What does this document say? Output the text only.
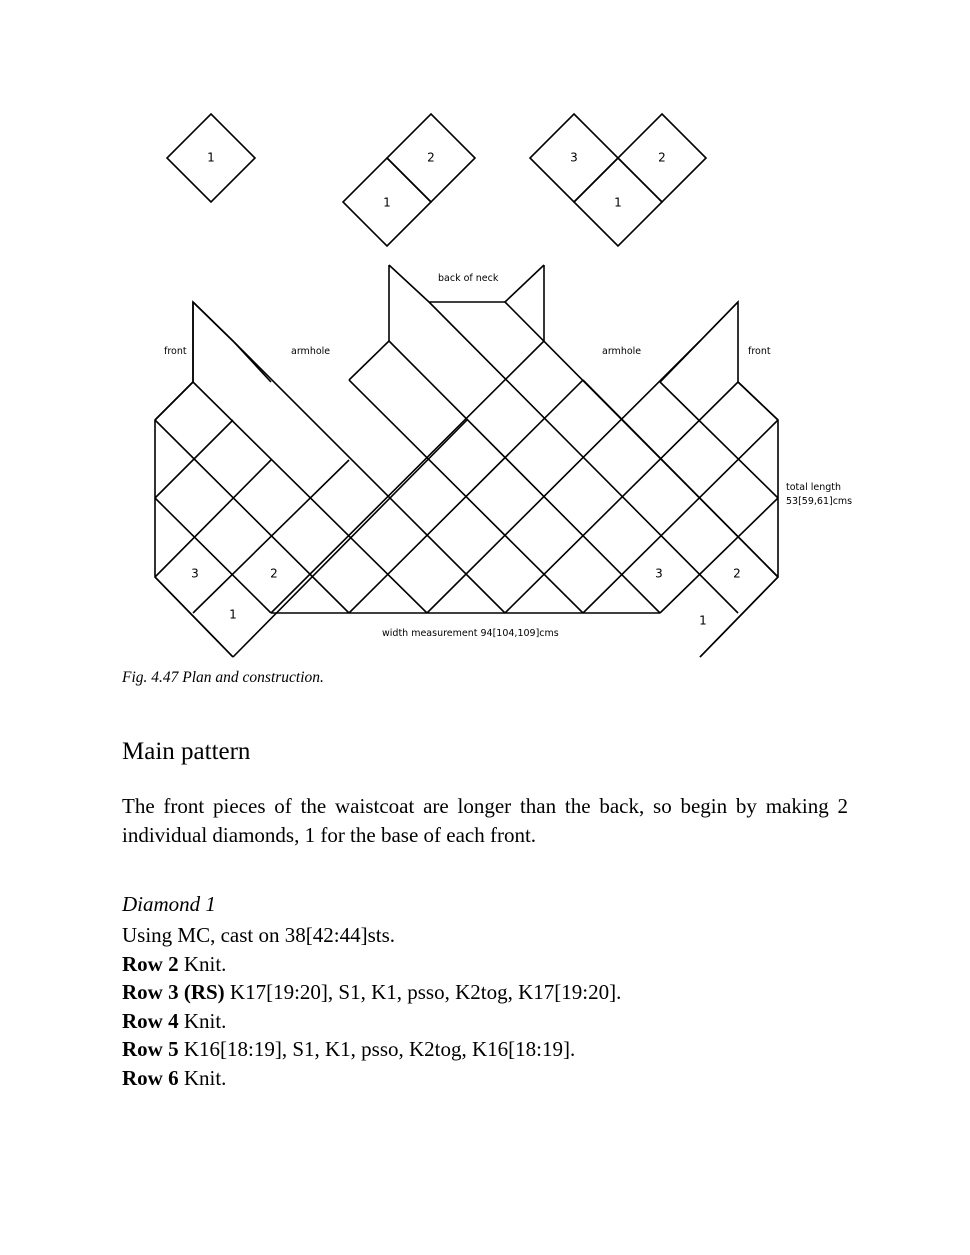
1	2
1
3	2
1
3	2
1
3	2
1
back of neck
front	armhole	armhole	front
total length
53[59,61]cms
width measurement 94[104,109]cms
Fig. 4.47 Plan and construction.
Main pattern
The front pieces of the waistcoat are longer than the back, so begin by making 2 individual diamonds, 1 for the base of each front.
Diamond 1
Using MC, cast on 38[42:44]sts.
Row 2 Knit.
Row 3 (RS) K17[19:20], S1, K1, psso, K2tog, K17[19:20].
Row 4 Knit.
Row 5 K16[18:19], S1, K1, psso, K2tog, K16[18:19].
Row 6 Knit.
